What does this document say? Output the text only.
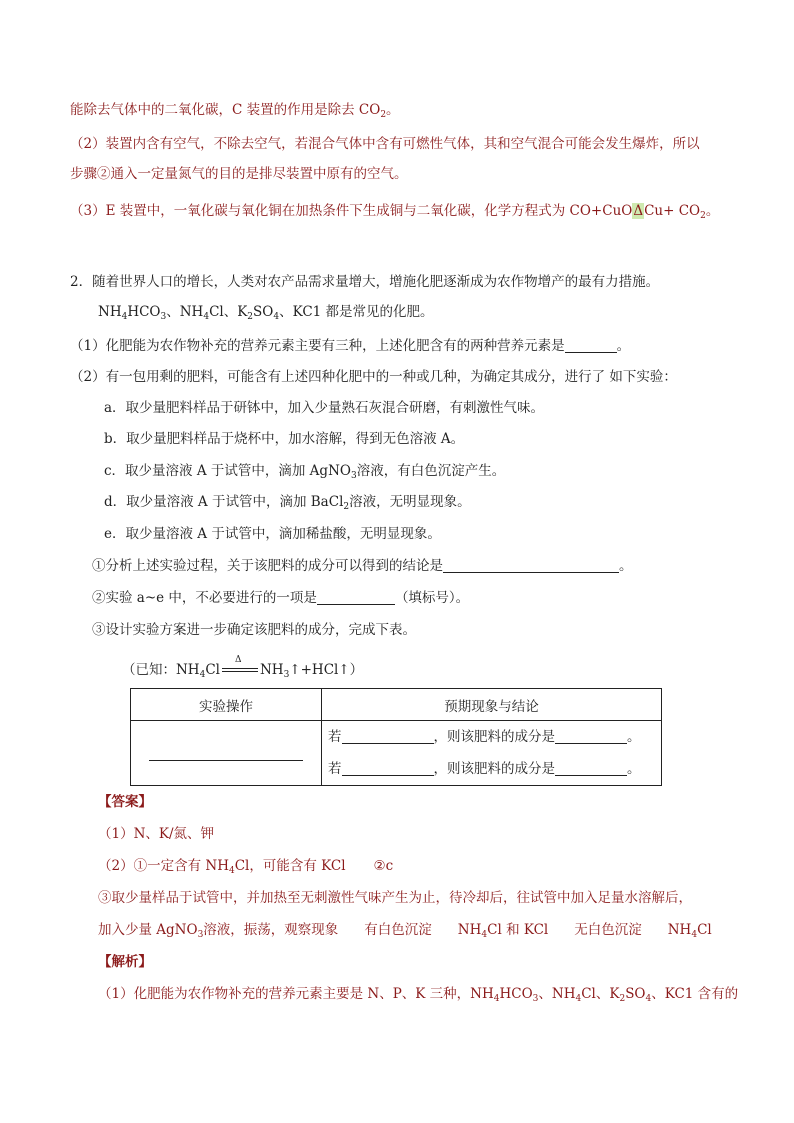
能除去气体中的二氧化碳，C 装置的作用是除去 $CO_2$。
（2）装置内含有空气，不除去空气，若混合气体中含有可燃性气体，其和空气混合可能会发生爆炸，所以
步骤②通入一定量氮气的目的是排尽装置中原有的空气。
（3）E 装置中，一氧化碳与氧化铜在加热条件下生成铜与二氧化碳，化学方程式为 $CO+CuO\Delta Cu+ CO_2$。
2．随着世界人口的增长，人类对农产品需求量增大，增施化肥逐渐成为农作物增产的最有力措施。
$NH_4HCO_3$、$NH_4Cl$、$K_2SO_4$、KC1 都是常见的化肥。
（1）化肥能为农作物补充的营养元素主要有三种，上述化肥含有的两种营养元素是	。
（2）有一包用剩的肥料，可能含有上述四种化肥中的一种或几种，为确定其成分，进行了 如下实验：
a．取少量肥料样品于研钵中，加入少量熟石灰混合研磨，有刺激性气味。
b．取少量肥料样品于烧杯中，加水溶解，得到无色溶液 A。
c．取少量溶液 A 于试管中，滴加 AgNO$_3$溶液，有白色沉淀产生。
d．取少量溶液 A 于试管中，滴加 BaCl$_2$溶液，无明显现象。
e．取少量溶液 A 于试管中，滴加稀盐酸，无明显现象。
①分析上述实验过程，关于该肥料的成分可以得到的结论是	。
②实验 a~e 中，不必要进行的一项是	（填标号）。
③设计实验方案进一步确定该肥料的成分，完成下表。
（已知：$NH_4Cl$
Δ
$NH_3↑+HCl↑$）
实验操作	预期现象与结论

	若 ，则该肥料的成分是 。
若 ，则该肥料的成分是 。
【答案】
（1）N、K/氮、钾
（2）①一定含有 $NH_4Cl$，可能含有 KCl ②c
③取少量样品于试管中，并加热至无刺激性气味产生为止，待冷却后，往试管中加入足量水溶解后，
加入少量 AgNO$_3$溶液，振荡，观察现象 有白色沉淀 $NH_4Cl$ 和 KCl 无白色沉淀 $NH_4Cl$
【解析】
（1）化肥能为农作物补充的营养元素主要是 N、P、K 三种，$NH_4HCO_3$、$NH_4Cl$、$K_2SO_4$、KC1 含有的
